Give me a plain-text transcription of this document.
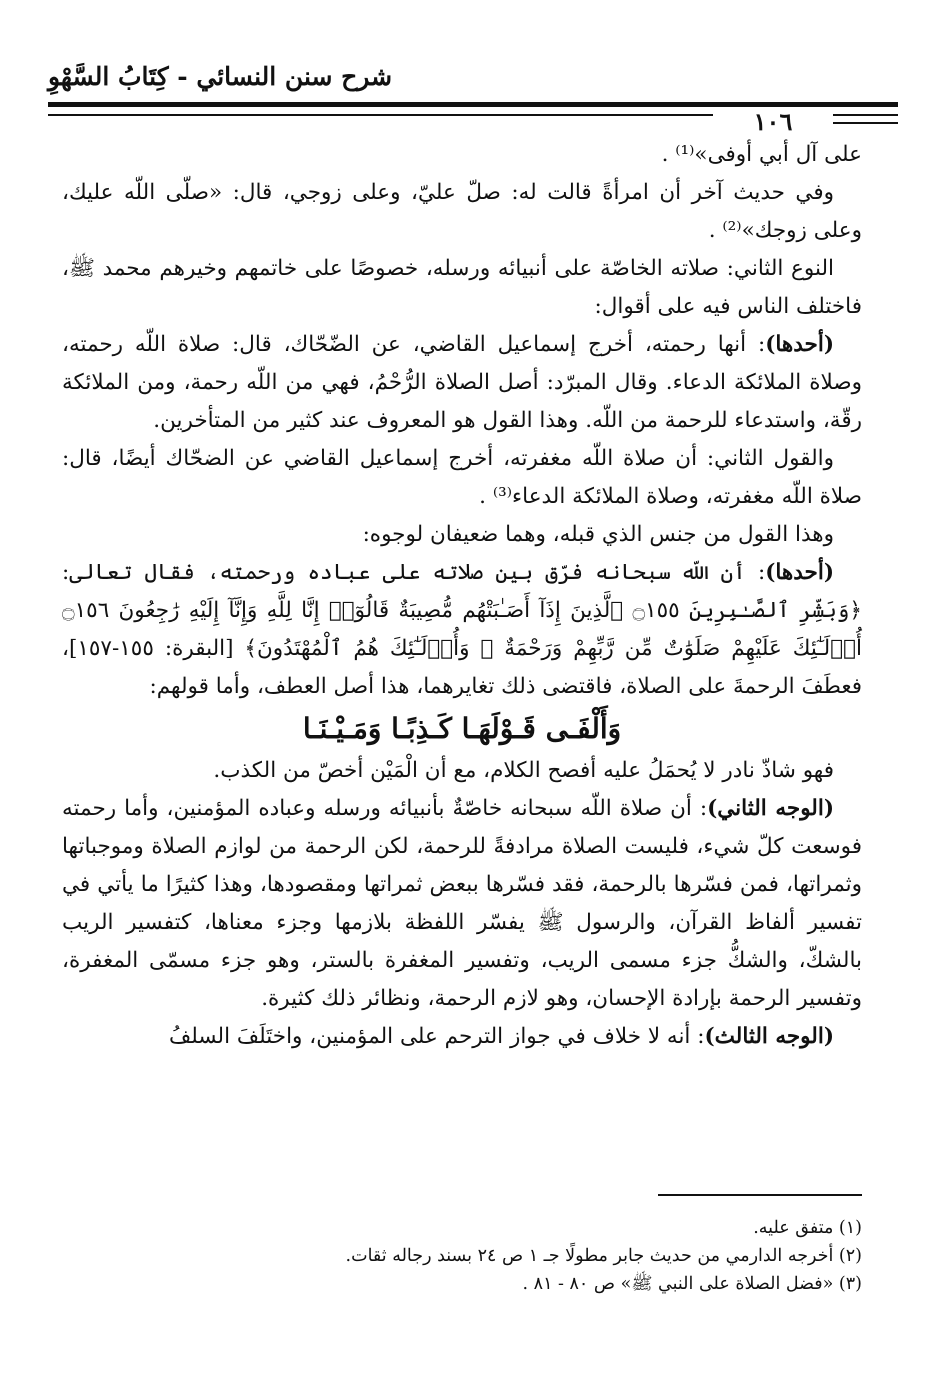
شرح سنن النسائي - كِتَابُ السَّهْوِ
١٠٦

على آل أبي أوفى»⁽¹⁾ .

وفي حديث آخر أن امرأةً قالت له: صلّ عليّ، وعلى زوجي، قال: «صلّى اللّه عليك، وعلى زوجك»⁽²⁾ .

النوع الثاني: صلاته الخاصّة على أنبيائه ورسله، خصوصًا على خاتمهم وخيرهم محمد ﷺ، فاختلف الناس فيه على أقوال:

(أحدها): أنها رحمته، أخرج إسماعيل القاضي، عن الضّحّاك، قال: صلاة اللّه رحمته، وصلاة الملائكة الدعاء. وقال المبرّد: أصل الصلاة الرُّحْمُ، فهي من اللّه رحمة، ومن الملائكة رقّة، واستدعاء للرحمة من اللّه. وهذا القول هو المعروف عند كثير من المتأخرين.

والقول الثاني: أن صلاة اللّه مغفرته، أخرج إسماعيل القاضي عن الضحّاك أيضًا، قال: صلاة اللّه مغفرته، وصلاة الملائكة الدعاء⁽³⁾ .

وهذا القول من جنس الذي قبله، وهما ضعيفان لوجوه:

(أحدها): أن اللّه سبحانه فرّق بين صلاته على عباده ورحمته، فقال تعالى: ﴿وَبَشِّرِ ٱلصَّـٰبِرِينَ ۝١٥٥ ٱلَّذِينَ إِذَآ أَصَـٰبَتْهُم مُّصِيبَةٌ قَالُوٓا۟ إِنَّا لِلَّهِ وَإِنَّآ إِلَيْهِ رَٰجِعُونَ ۝١٥٦ أُو۟لَـٰٓئِكَ عَلَيْهِمْ صَلَوَٰتٌ مِّن رَّبِّهِمْ وَرَحْمَةٌ ۖ وَأُو۟لَـٰٓئِكَ هُمُ ٱلْمُهْتَدُونَ﴾ [البقرة: ١٥٥-١٥٧]، فعطَفَ الرحمةَ على الصلاة، فاقتضى ذلك تغايرهما، هذا أصل العطف، وأما قولهم:

وَأَلْفَـى قَـوْلَهَـا كَـذِبًـا وَمَـيْـنَـا

فهو شاذّ نادر لا يُحمَلُ عليه أفصح الكلام، مع أن الْمَيْن أخصّ من الكذب.

(الوجه الثاني): أن صلاة اللّه سبحانه خاصّةٌ بأنبيائه ورسله وعباده المؤمنين، وأما رحمته فوسعت كلّ شيء، فليست الصلاة مرادفةً للرحمة، لكن الرحمة من لوازم الصلاة وموجباتها وثمراتها، فمن فسّرها بالرحمة، فقد فسّرها ببعض ثمراتها ومقصودها، وهذا كثيرًا ما يأتي في تفسير ألفاظ القرآن، والرسول ﷺ يفسّر اللفظة بلازمها وجزء معناها، كتفسير الريب بالشكّ، والشكُّ جزء مسمى الريب، وتفسير المغفرة بالستر، وهو جزء مسمّى المغفرة، وتفسير الرحمة بإرادة الإحسان، وهو لازم الرحمة، ونظائر ذلك كثيرة.

(الوجه الثالث): أنه لا خلاف في جواز الترحم على المؤمنين، واختَلَفَ السلفُ

(١) متفق عليه.

(٢) أخرجه الدارمي من حديث جابر مطولًا جـ ١ ص ٢٤ بسند رجاله ثقات.

(٣) «فضل الصلاة على النبي ﷺ» ص ٨٠ - ٨١ .
